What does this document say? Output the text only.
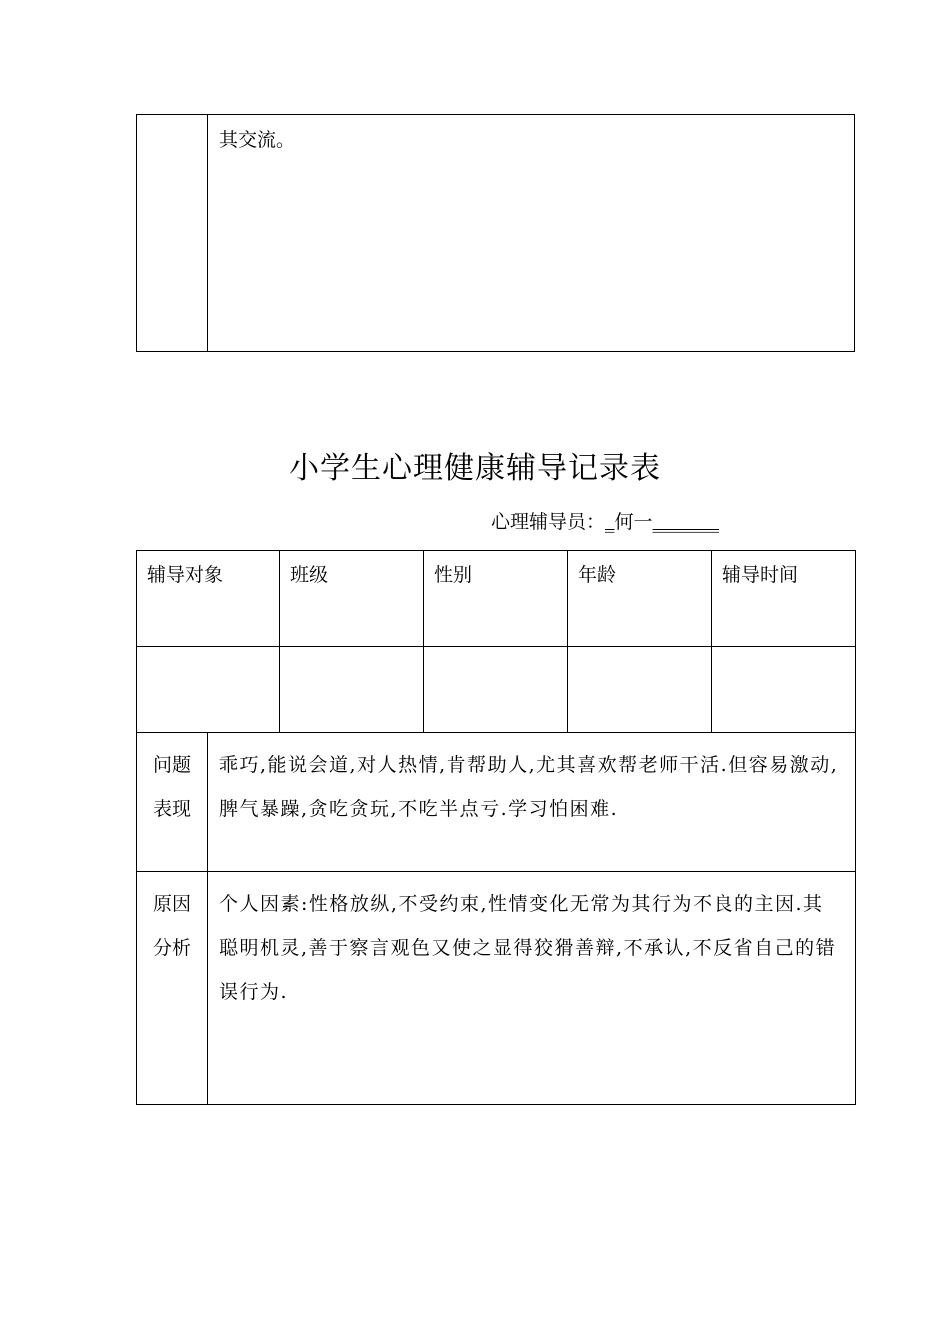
	其交流。
小学生心理健康辅导记录表
心理辅导员：_何一_______
辅导对象		班级	性别	年龄	辅导时间

问题
表现	乖巧,能说会道,对人热情,肯帮助人,尤其喜欢帮老师干活.但容易激动,脾气暴躁,贪吃贪玩,不吃半点亏.学习怕困难.				

原因
分析	个人因素:性格放纵,不受约束,性情变化无常为其行为不良的主因.其聪明机灵,善于察言观色又使之显得狡猾善辩,不承认,不反省自己的错误行为.				
